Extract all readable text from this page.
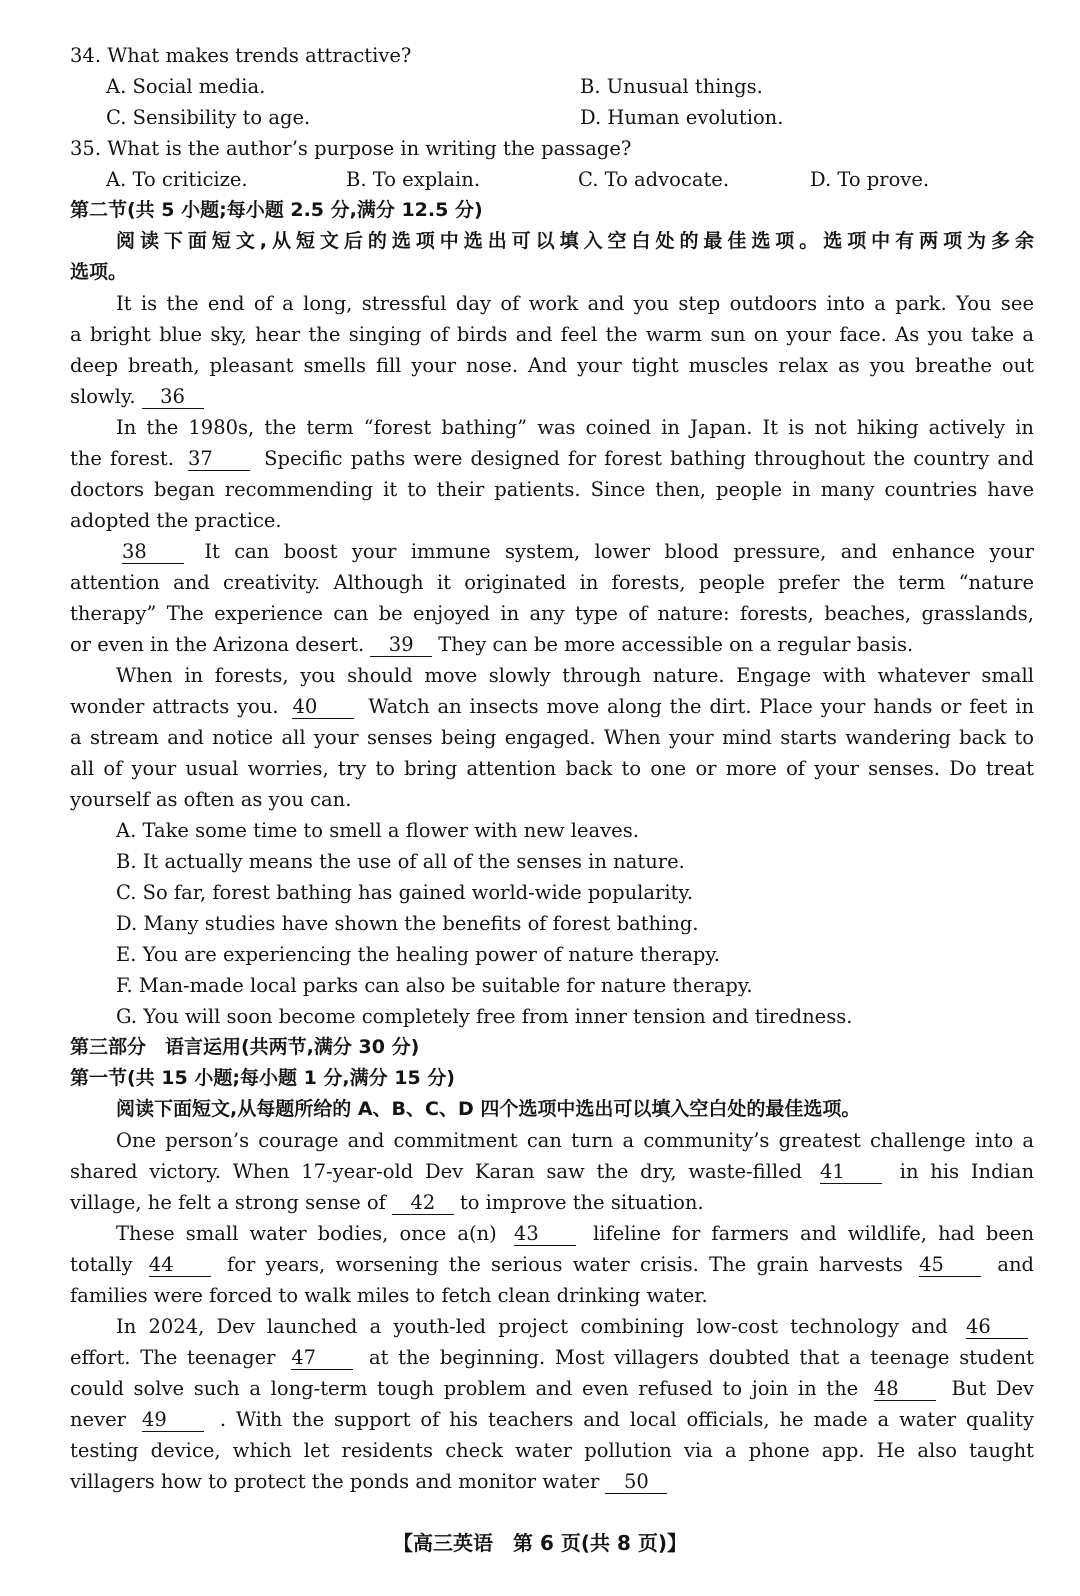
34. What makes trends attractive?
A. Social media.	B. Unusual things.
C. Sensibility to age.	D. Human evolution.
35. What is the author’s purpose in writing the passage?
A. To criticize.	B. To explain.	C. To advocate.	D. To prove.
第二节(共 5 小题;每小题 2.5 分,满分 12.5 分)
阅读下面短文,从短文后的选项中选出可以填入空白处的最佳选项。选项中有两项为多余
选项。
It is the end of a long, stressful day of work and you step outdoors into a park. You see
a bright blue sky, hear the singing of birds and feel the warm sun on your face. As you take a
deep breath, pleasant smells fill your nose. And your tight muscles relax as you breathe out
slowly. 36
In the 1980s, the term “forest bathing” was coined in Japan. It is not hiking actively in
the forest. 37	Specific paths were designed for forest bathing throughout the country and
doctors began recommending it to their patients. Since then, people in many countries have
adopted the practice.
38	It can boost your immune system, lower blood pressure, and enhance your
attention and creativity. Although it originated in forests, people prefer the term “nature
therapy” The experience can be enjoyed in any type of nature: forests, beaches, grasslands,
or even in the Arizona desert. 39 They can be more accessible on a regular basis.
When in forests, you should move slowly through nature. Engage with whatever small
wonder attracts you. 40	Watch an insects move along the dirt. Place your hands or feet in
a stream and notice all your senses being engaged. When your mind starts wandering back to
all of your usual worries, try to bring attention back to one or more of your senses. Do treat
yourself as often as you can.
A. Take some time to smell a flower with new leaves.
B. It actually means the use of all of the senses in nature.
C. So far, forest bathing has gained world-wide popularity.
D. Many studies have shown the benefits of forest bathing.
E. You are experiencing the healing power of nature therapy.
F. Man-made local parks can also be suitable for nature therapy.
G. You will soon become completely free from inner tension and tiredness.
第三部分　语言运用(共两节,满分 30 分)
第一节(共 15 小题;每小题 1 分,满分 15 分)
阅读下面短文,从每题所给的 A、B、C、D 四个选项中选出可以填入空白处的最佳选项。
One person’s courage and commitment can turn a community’s greatest challenge into a
shared victory. When 17-year-old Dev Karan saw the dry, waste-filled 41	in his Indian
village, he felt a strong sense of 42 to improve the situation.
These small water bodies, once a(n) 43	lifeline for farmers and wildlife, had been
totally 44	for years, worsening the serious water crisis. The grain harvests 45	and
families were forced to walk miles to fetch clean drinking water.
In 2024, Dev launched a youth-led project combining low-cost technology and 46
effort. The teenager 47	at the beginning. Most villagers doubted that a teenage student
could solve such a long-term tough problem and even refused to join in the 48	But Dev
never 49	. With the support of his teachers and local officials, he made a water quality
testing device, which let residents check water pollution via a phone app. He also taught
villagers how to protect the ponds and monitor water 50
【高三英语　第 6 页(共 8 页)】
